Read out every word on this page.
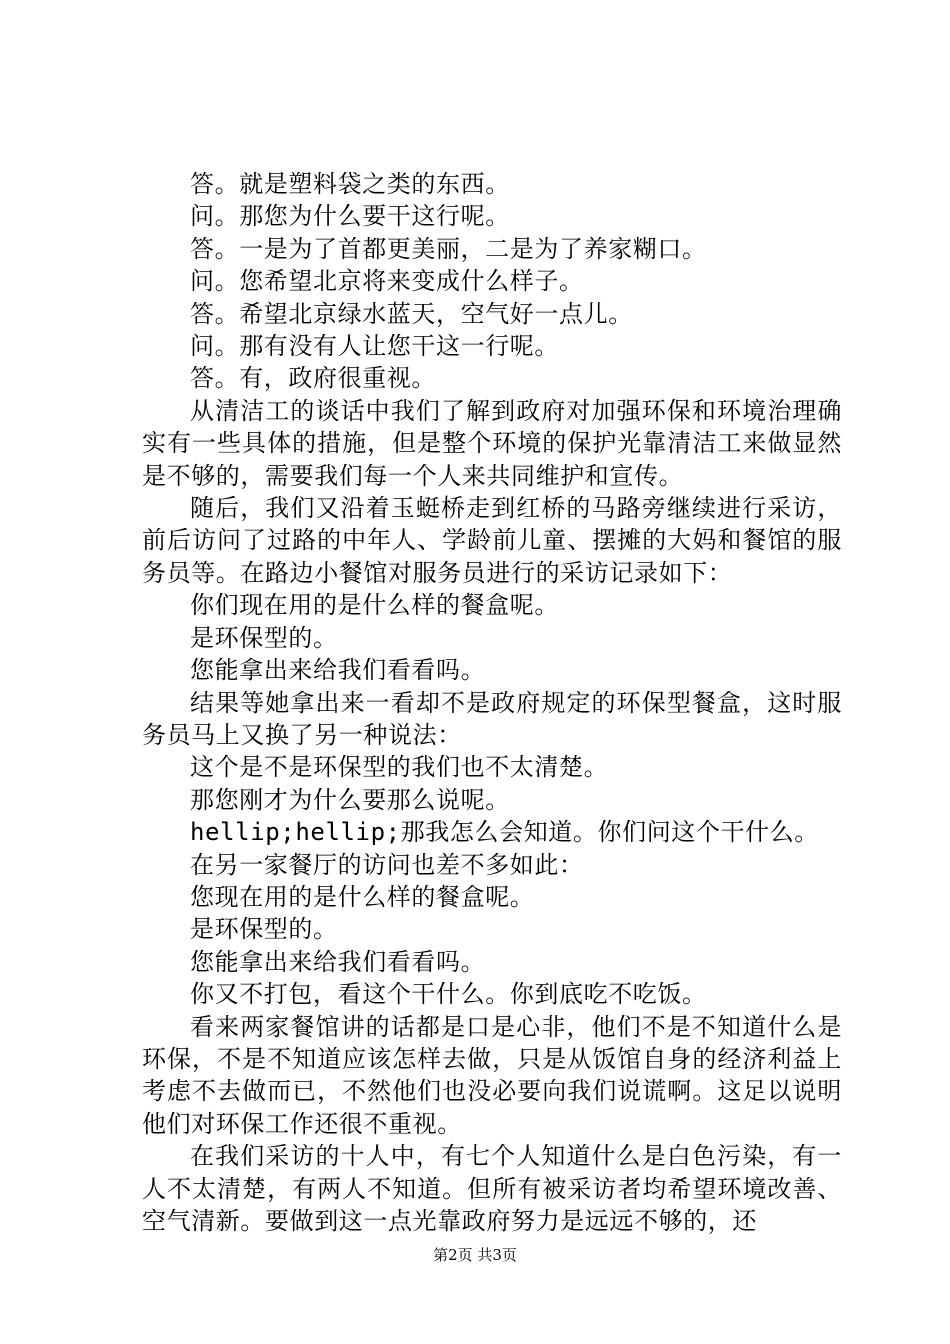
答。就是塑料袋之类的东西。

问。那您为什么要干这行呢。

答。一是为了首都更美丽，二是为了养家糊口。

问。您希望北京将来变成什么样子。

答。希望北京绿水蓝天，空气好一点儿。

问。那有没有人让您干这一行呢。

答。有，政府很重视。

从清洁工的谈话中我们了解到政府对加强环保和环境治理确实有一些具体的措施，但是整个环境的保护光靠清洁工来做显然是不够的，需要我们每一个人来共同维护和宣传。

随后，我们又沿着玉蜓桥走到红桥的马路旁继续进行采访，前后访问了过路的中年人、学龄前儿童、摆摊的大妈和餐馆的服务员等。在路边小餐馆对服务员进行的采访记录如下：

你们现在用的是什么样的餐盒呢。

是环保型的。

您能拿出来给我们看看吗。

结果等她拿出来一看却不是政府规定的环保型餐盒，这时服务员马上又换了另一种说法：

这个是不是环保型的我们也不太清楚。

那您刚才为什么要那么说呢。

hellip;hellip;那我怎么会知道。你们问这个干什么。

在另一家餐厅的访问也差不多如此：

您现在用的是什么样的餐盒呢。

是环保型的。

您能拿出来给我们看看吗。

你又不打包，看这个干什么。你到底吃不吃饭。

看来两家餐馆讲的话都是口是心非，他们不是不知道什么是环保，不是不知道应该怎样去做，只是从饭馆自身的经济利益上考虑不去做而已，不然他们也没必要向我们说谎啊。这足以说明他们对环保工作还很不重视。

在我们采访的十人中，有七个人知道什么是白色污染，有一人不太清楚，有两人不知道。但所有被采访者均希望环境改善、空气清新。要做到这一点光靠政府努力是远远不够的，还

第2页 共3页
